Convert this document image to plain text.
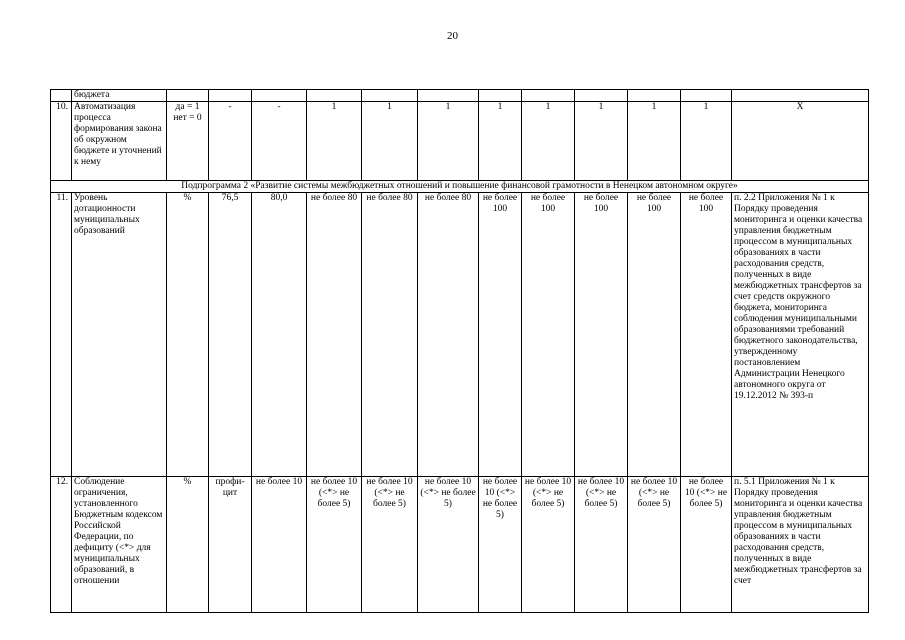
20
	бюджета												
10.	Автоматизация процесса формирования закона об окружном бюджете и уточнений к нему	да = 1 нет = 0	-	-	1	1	1	1	1	1	1	1	Х
Подпрограмма 2 «Развитие системы межбюджетных отношений и повышение финансовой грамотности в Ненецком автономном округе»													
11.	Уровень дотационности муниципальных образований	%	76,5	80,0	не более 80	не более 80	не более 80	не более 100	не более 100	не более 100	не более 100	не более 100	п. 2.2 Приложения № 1 к Порядку проведения мониторинга и оценки качества управления бюджетным процессом в муниципальных образованиях в части расходования средств, полученных в виде межбюджетных трансфертов за счет средств окружного бюджета, мониторинга соблюдения муниципальными образованиями требований бюджетного законодательства, утвержденному постановлением Администрации Ненецкого автономного округа от 19.12.2012 № 393-п
12.	Соблюдение ограничения, установленного Бюджетным кодексом Российской Федерации, по дефициту (<*> для муниципальных образований, в отношении	%	профи-цит	не более 10	не более 10 (<*> не более 5)	не более 10 (<*> не более 5)	не более 10 (<*> не более 5)	не более 10 (<*> не более 5)	не более 10 (<*> не более 5)	не более 10 (<*> не более 5)	не более 10 (<*> не более 5)	не более 10 (<*> не более 5)	п. 5.1 Приложения № 1 к Порядку проведения мониторинга и оценки качества управления бюджетным процессом в муниципальных образованиях в части расходования средств, полученных в виде межбюджетных трансфертов за счет
